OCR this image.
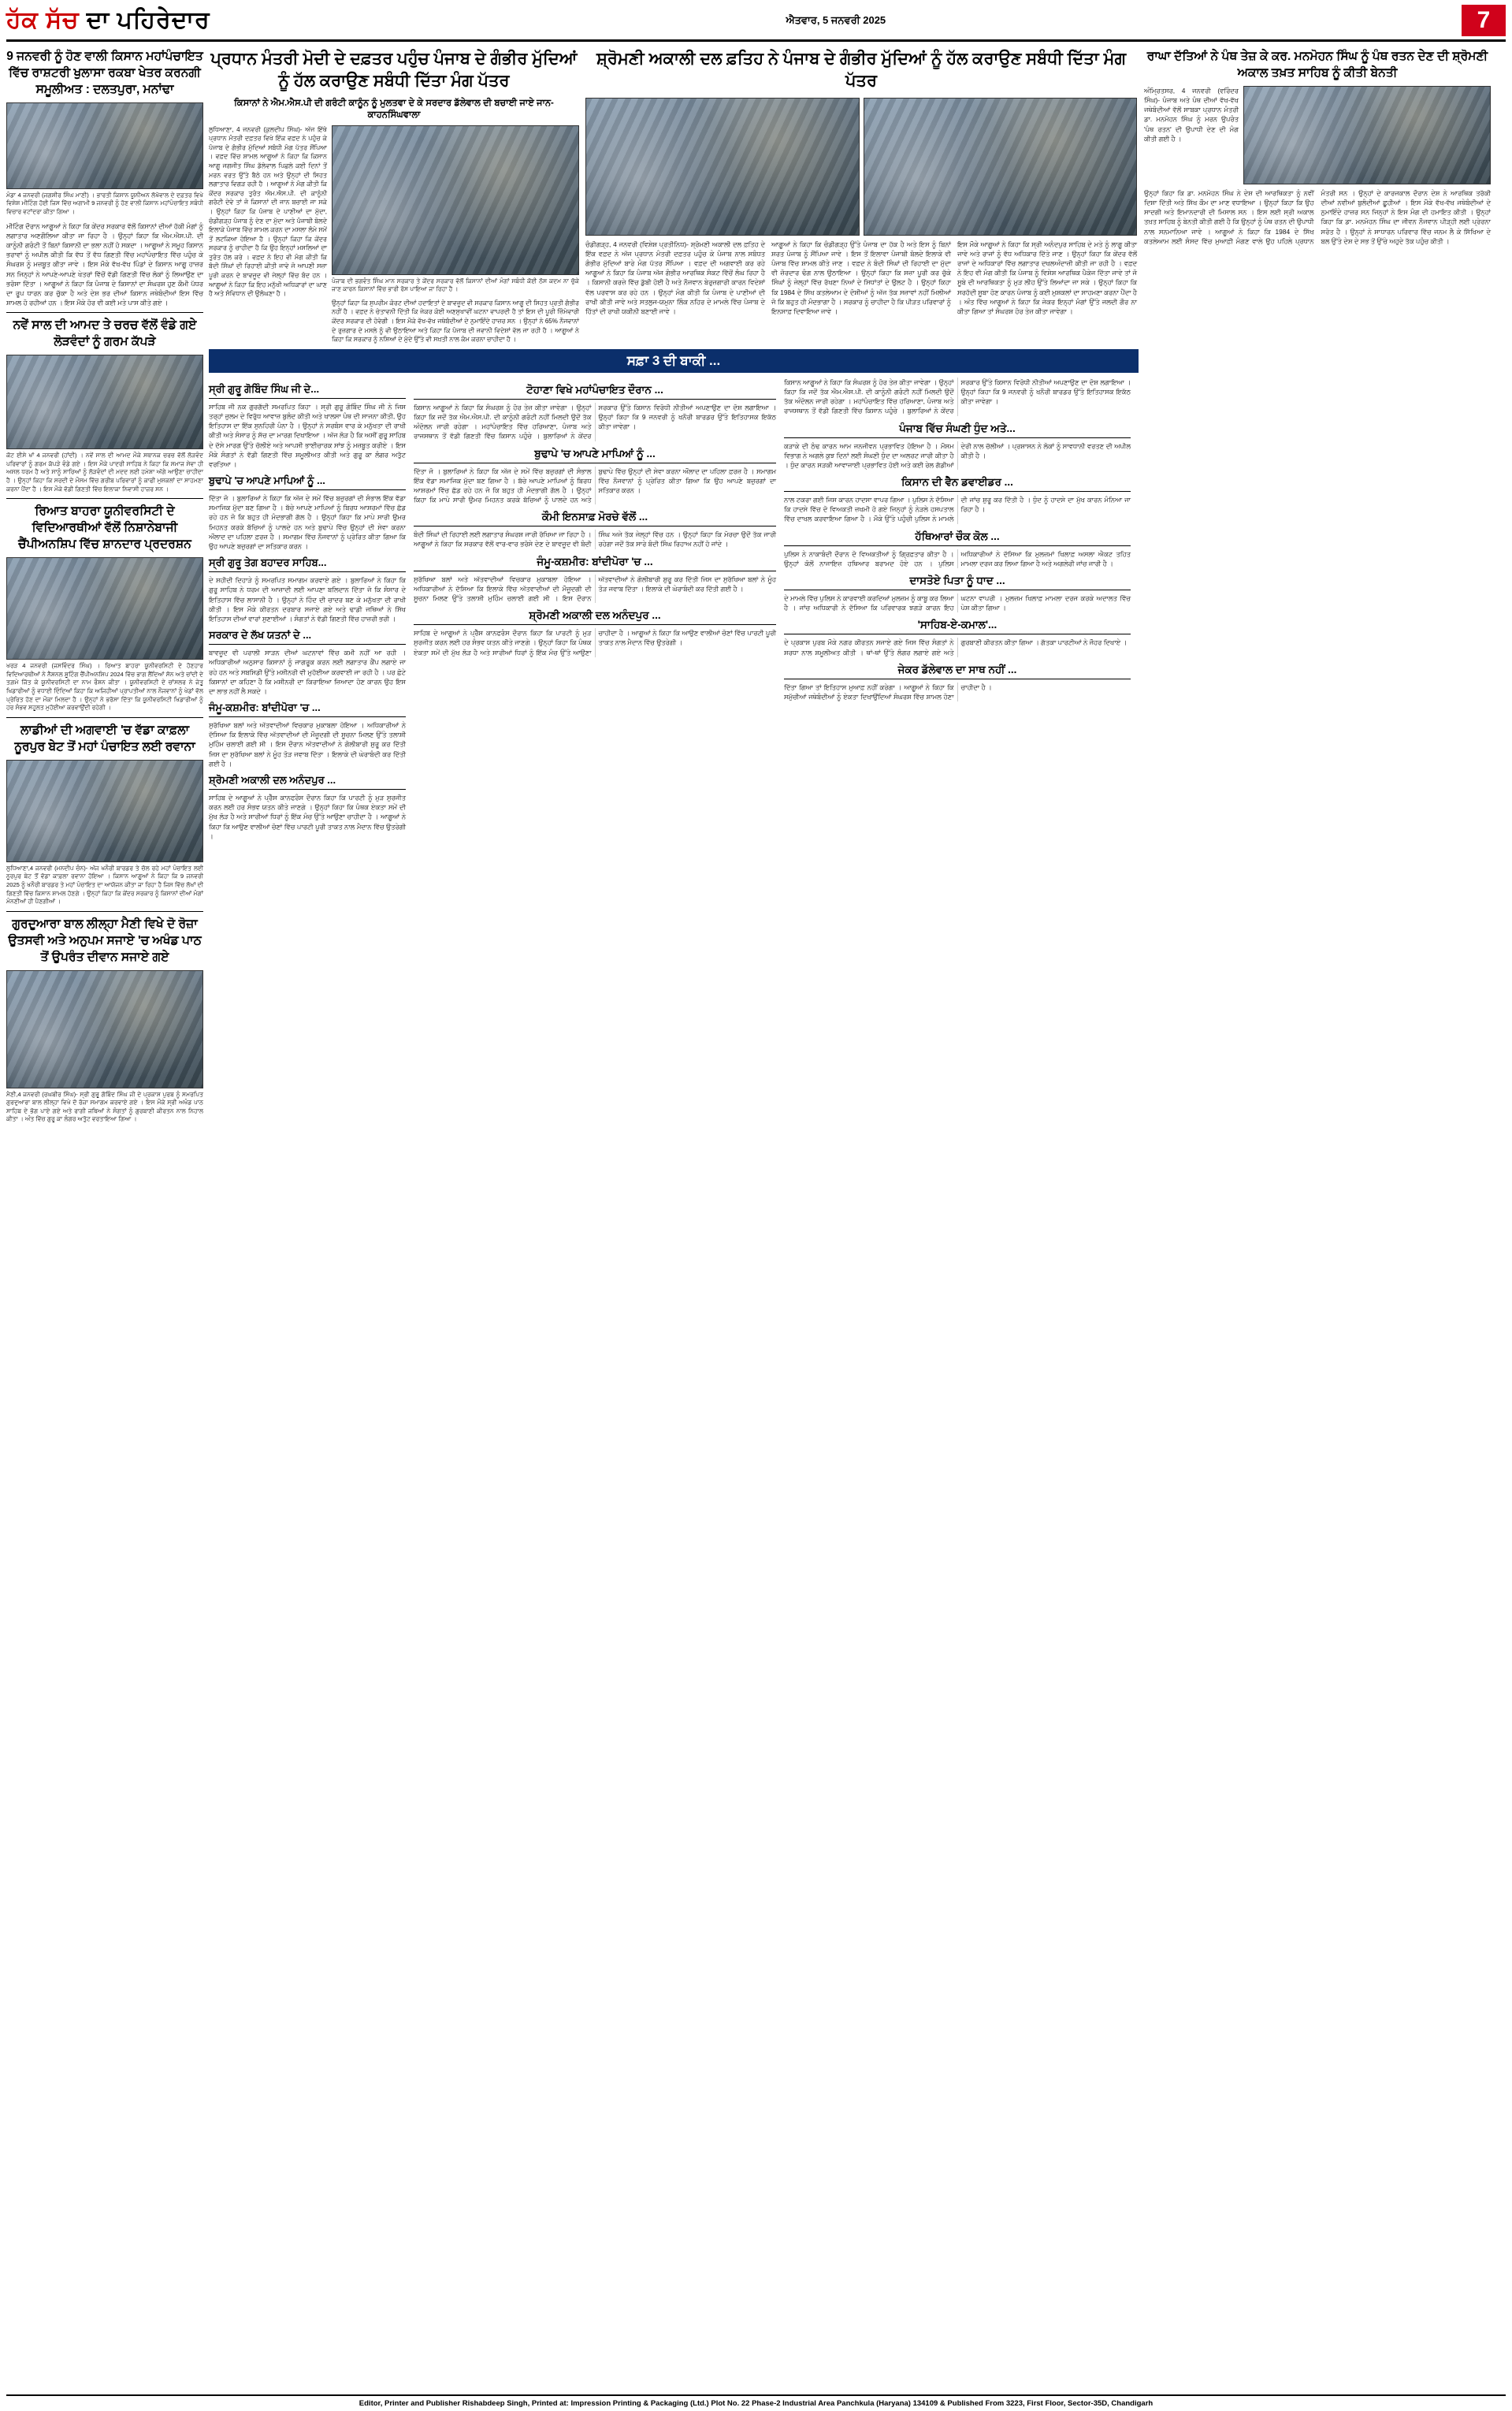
ਹੱਕ ਸੱਚ ਦਾ ਪਹਿਰੇਦਾਰ	ਐਤਵਾਰ, 5 ਜਨਵਰੀ 2025	7
9 ਜਨਵਰੀ ਨੂੰ ਹੋਣ ਵਾਲੀ ਕਿਸਾਨ ਮਹਾਂਪੰਚਾਇਤ ਵਿੱਚ ਰਾਸ਼ਟਰੀ ਖੁਲਾਸਾ ਰਕਬਾ ਖੇਤਰ ਕਰਨਗੀ ਸਮੂਲੀਅਤ : ਦਲਤਪੁਰਾ, ਮਨਾਂਢਾ
ਮੰਡਾ 4 ਜਨਵਰੀ (ਜਗਸ਼ੀਰ ਸਿੰਘ ਮਾਣੀ) । ਭਾਰਤੀ ਕਿਸਾਨ ਯੂਨੀਅਨ ਲੱਖੋਵਾਲ ਦੇ ਦਫ਼ਤਰ ਵਿਖੇ ਵਿਸ਼ੇਸ਼ ਮੀਟਿੰਗ ਹੋਈ ਜਿਸ ਵਿੱਚ ਅਗਾਮੀ 9 ਜਨਵਰੀ ਨੂੰ ਹੋਣ ਵਾਲੀ ਕਿਸਾਨ ਮਹਾਂਪੰਚਾਇਤ ਸਬੰਧੀ ਵਿਚਾਰ ਵਟਾਂਦਰਾ ਕੀਤਾ ਗਿਆ ।
ਮੀਟਿੰਗ ਦੌਰਾਨ ਆਗੂਆਂ ਨੇ ਕਿਹਾ ਕਿ ਕੇਂਦਰ ਸਰਕਾਰ ਵੱਲੋਂ ਕਿਸਾਨਾਂ ਦੀਆਂ ਹੱਕੀ ਮੰਗਾਂ ਨੂੰ ਲਗਾਤਾਰ ਅਣਗੌਲਿਆ ਕੀਤਾ ਜਾ ਰਿਹਾ ਹੈ । ਉਨ੍ਹਾਂ ਕਿਹਾ ਕਿ ਐਮ.ਐਸ.ਪੀ. ਦੀ ਕਾਨੂੰਨੀ ਗਰੰਟੀ ਤੋਂ ਬਿਨਾਂ ਕਿਸਾਨੀ ਦਾ ਭਲਾ ਨਹੀਂ ਹੋ ਸਕਦਾ । ਆਗੂਆਂ ਨੇ ਸਮੂਹ ਕਿਸਾਨ ਭਰਾਵਾਂ ਨੂੰ ਅਪੀਲ ਕੀਤੀ ਕਿ ਵੱਧ ਤੋਂ ਵੱਧ ਗਿਣਤੀ ਵਿੱਚ ਮਹਾਂਪੰਚਾਇਤ ਵਿੱਚ ਪਹੁੰਚ ਕੇ ਸੰਘਰਸ਼ ਨੂੰ ਮਜ਼ਬੂਤ ਕੀਤਾ ਜਾਵੇ । ਇਸ ਮੌਕੇ ਵੱਖ-ਵੱਖ ਪਿੰਡਾਂ ਦੇ ਕਿਸਾਨ ਆਗੂ ਹਾਜ਼ਰ ਸਨ ਜਿਨ੍ਹਾਂ ਨੇ ਆਪਣੇ-ਆਪਣੇ ਖੇਤਰਾਂ ਵਿੱਚੋਂ ਵੱਡੀ ਗਿਣਤੀ ਵਿੱਚ ਲੋਕਾਂ ਨੂੰ ਲਿਆਉਣ ਦਾ ਭਰੋਸਾ ਦਿੱਤਾ । ਆਗੂਆਂ ਨੇ ਕਿਹਾ ਕਿ ਪੰਜਾਬ ਦੇ ਕਿਸਾਨਾਂ ਦਾ ਸੰਘਰਸ਼ ਹੁਣ ਕੌਮੀ ਪੱਧਰ ਦਾ ਰੂਪ ਧਾਰਨ ਕਰ ਚੁੱਕਾ ਹੈ ਅਤੇ ਦੇਸ਼ ਭਰ ਦੀਆਂ ਕਿਸਾਨ ਜਥੇਬੰਦੀਆਂ ਇਸ ਵਿੱਚ ਸ਼ਾਮਲ ਹੋ ਰਹੀਆਂ ਹਨ । ਇਸ ਮੌਕੇ ਹੋਰ ਵੀ ਕਈ ਮਤੇ ਪਾਸ ਕੀਤੇ ਗਏ ।
ਨਵੇਂ ਸਾਲ ਦੀ ਆਮਦ ਤੇ ਚਰਚ ਵੱਲੋਂ ਵੰਡੇ ਗਏ ਲੋੜਵੰਦਾਂ ਨੂੰ ਗਰਮ ਕੱਪੜੇ
ਕੋਟ ਈਸੇ ਖਾਂ 4 ਜਨਵਰੀ (ਹਾਂਦੀ) । ਨਵੇਂ ਸਾਲ ਦੀ ਆਮਦ ਮੌਕੇ ਸਥਾਨਕ ਚਰਚ ਵੱਲੋਂ ਲੋੜਵੰਦ ਪਰਿਵਾਰਾਂ ਨੂੰ ਗਰਮ ਕੱਪੜੇ ਵੰਡੇ ਗਏ । ਇਸ ਮੌਕੇ ਪਾਦਰੀ ਸਾਹਿਬ ਨੇ ਕਿਹਾ ਕਿ ਸਮਾਜ ਸੇਵਾ ਹੀ ਅਸਲ ਧਰਮ ਹੈ ਅਤੇ ਸਾਨੂੰ ਸਾਰਿਆਂ ਨੂੰ ਲੋੜਵੰਦਾਂ ਦੀ ਮਦਦ ਲਈ ਹਮੇਸ਼ਾ ਅੱਗੇ ਆਉਣਾ ਚਾਹੀਦਾ ਹੈ । ਉਨ੍ਹਾਂ ਕਿਹਾ ਕਿ ਸਰਦੀ ਦੇ ਮੌਸਮ ਵਿੱਚ ਗਰੀਬ ਪਰਿਵਾਰਾਂ ਨੂੰ ਕਾਫੀ ਮੁਸ਼ਕਲਾਂ ਦਾ ਸਾਹਮਣਾ ਕਰਨਾ ਪੈਂਦਾ ਹੈ । ਇਸ ਮੌਕੇ ਵੱਡੀ ਗਿਣਤੀ ਵਿੱਚ ਇਲਾਕਾ ਨਿਵਾਸੀ ਹਾਜ਼ਰ ਸਨ ।
ਰਿਆਤ ਬਾਹਰਾ ਯੂਨੀਵਰਸਿਟੀ ਦੇ ਵਿਦਿਆਰਥੀਆਂ ਵੱਲੋਂ ਨਿਸ਼ਾਨੇਬਾਜੀ ਚੈਂਪੀਅਨਸ਼ਿਪ ਵਿੱਚ ਸ਼ਾਨਦਾਰ ਪ੍ਰਦਰਸ਼ਨ
ਖਰੜ 4 ਜਨਵਰੀ (ਜਸਵਿੰਦਰ ਸਿੰਘ) । ਰਿਆਤ ਬਾਹਰਾ ਯੂਨੀਵਰਸਿਟੀ ਦੇ ਹੋਣਹਾਰ ਵਿਦਿਆਰਥੀਆਂ ਨੇ ਨੈਸ਼ਨਲ ਸ਼ੂਟਿੰਗ ਚੈਂਪੀਅਨਸ਼ਿਪ 2024 ਵਿੱਚ ਭਾਗ ਲੈਂਦਿਆਂ ਸੋਨ ਅਤੇ ਚਾਂਦੀ ਦੇ ਤਗ਼ਮੇ ਜਿੱਤ ਕੇ ਯੂਨੀਵਰਸਿਟੀ ਦਾ ਨਾਮ ਰੌਸ਼ਨ ਕੀਤਾ । ਯੂਨੀਵਰਸਿਟੀ ਦੇ ਚਾਂਸਲਰ ਨੇ ਜੇਤੂ ਖਿਡਾਰੀਆਂ ਨੂੰ ਵਧਾਈ ਦਿੰਦਿਆਂ ਕਿਹਾ ਕਿ ਅਜਿਹੀਆਂ ਪ੍ਰਾਪਤੀਆਂ ਨਾਲ ਨੌਜਵਾਨਾਂ ਨੂੰ ਖੇਡਾਂ ਵੱਲ ਪ੍ਰੇਰਿਤ ਹੋਣ ਦਾ ਮੌਕਾ ਮਿਲਦਾ ਹੈ । ਉਨ੍ਹਾਂ ਨੇ ਭਰੋਸਾ ਦਿੱਤਾ ਕਿ ਯੂਨੀਵਰਸਿਟੀ ਖਿਡਾਰੀਆਂ ਨੂੰ ਹਰ ਸੰਭਵ ਸਹੂਲਤ ਮੁਹੱਈਆ ਕਰਵਾਉਂਦੀ ਰਹੇਗੀ ।
ਲਾਡੀਆਂ ਦੀ ਅਗਵਾਈ 'ਚ ਵੱਡਾ ਕਾਫ਼ਲਾ ਨੂਰਪੁਰ ਬੇਟ ਤੋਂ ਮਹਾਂ ਪੰਚਾਇਤ ਲਈ ਰਵਾਨਾ
ਲੁਧਿਆਣਾ,4 ਜਨਵਰੀ (ਮਨਦੀਪ ਚੰਨ)- ਅੱਜ ਖਨੌਰੀ ਬਾਰਡਰ ਤੇ ਚੱਲ ਰਹੇ ਮਹਾਂ ਪੰਚਾਇਤ ਲਈ ਨੂਰਪੁਰ ਬੇਟ ਤੋਂ ਵੱਡਾ ਕਾਫ਼ਲਾ ਰਵਾਨਾ ਹੋਇਆ । ਕਿਸਾਨ ਆਗੂਆਂ ਨੇ ਕਿਹਾ ਕਿ 9 ਜਨਵਰੀ 2025 ਨੂੰ ਖਨੌਰੀ ਬਾਰਡਰ ਤੇ ਮਹਾਂ ਪੰਚਾਇਤ ਦਾ ਆਯੋਜਨ ਕੀਤਾ ਜਾ ਰਿਹਾ ਹੈ ਜਿਸ ਵਿੱਚ ਲੱਖਾਂ ਦੀ ਗਿਣਤੀ ਵਿੱਚ ਕਿਸਾਨ ਸ਼ਾਮਲ ਹੋਣਗੇ । ਉਨ੍ਹਾਂ ਕਿਹਾ ਕਿ ਕੇਂਦਰ ਸਰਕਾਰ ਨੂੰ ਕਿਸਾਨਾਂ ਦੀਆਂ ਮੰਗਾਂ ਮੰਨਣੀਆਂ ਹੀ ਪੈਣਗੀਆਂ ।
ਗੁਰਦੁਆਰਾ ਬਾਲ ਲੀਲ੍ਹਾ ਮੈਣੀ ਵਿਖੇ ਦੋ ਰੋਜ਼ਾ ਉਤਸਵੀ ਅਤੇ ਅਨੁਪਮ ਸਜਾਏ 'ਚ ਅਖੰਡ ਪਾਠ ਤੋਂ ਉਪਰੰਤ ਦੀਵਾਨ ਸਜਾਏ ਗਏ
ਮੈਣੀ,4 ਜਨਵਰੀ (ਰਘਬੀਰ ਸਿੰਘ)- ਸ੍ਰੀ ਗੁਰੂ ਗੋਬਿੰਦ ਸਿੰਘ ਜੀ ਦੇ ਪ੍ਰਕਾਸ਼ ਪੁਰਬ ਨੂੰ ਸਮਰਪਿਤ ਗੁਰਦੁਆਰਾ ਬਾਲ ਲੀਲ੍ਹਾ ਵਿਖੇ ਦੋ ਰੋਜ਼ਾ ਸਮਾਗਮ ਕਰਵਾਏ ਗਏ । ਇਸ ਮੌਕੇ ਸ੍ਰੀ ਅਖੰਡ ਪਾਠ ਸਾਹਿਬ ਦੇ ਭੋਗ ਪਾਏ ਗਏ ਅਤੇ ਰਾਗੀ ਜਥਿਆਂ ਨੇ ਸੰਗਤਾਂ ਨੂੰ ਗੁਰਬਾਣੀ ਕੀਰਤਨ ਨਾਲ ਨਿਹਾਲ ਕੀਤਾ । ਅੰਤ ਵਿੱਚ ਗੁਰੂ ਕਾ ਲੰਗਰ ਅਤੁੱਟ ਵਰਤਾਇਆ ਗਿਆ ।
ਪ੍ਰਧਾਨ ਮੰਤਰੀ ਮੋਦੀ ਦੇ ਦਫ਼ਤਰ ਪਹੁੰਚ ਪੰਜਾਬ ਦੇ ਗੰਭੀਰ ਮੁੱਦਿਆਂ ਨੂੰ ਹੱਲ ਕਰਾਉਣ ਸਬੰਧੀ ਦਿੱਤਾ ਮੰਗ ਪੱਤਰ
ਕਿਸਾਨਾਂ ਨੇ ਐਮ.ਐਸ.ਪੀ ਦੀ ਗਰੰਟੀ ਕਾਨੂੰਨ ਨੂੰ ਮੁਲਤਵਾ ਦੇ ਕੇ ਸਰਦਾਰ ਡੱਲੇਵਾਲ ਦੀ ਬਚਾਈ ਜਾਏ ਜਾਨ-ਕਾਹਨਸਿੰਘਵਾਲਾ
ਲੁਧਿਆਣਾ, 4 ਜਨਵਰੀ (ਕੁਲਦੀਪ ਸਿੰਘ)- ਅੱਜ ਇੱਥੇ ਪ੍ਰਧਾਨ ਮੰਤਰੀ ਦਫ਼ਤਰ ਵਿਖੇ ਇੱਕ ਵਫ਼ਦ ਨੇ ਪਹੁੰਚ ਕੇ ਪੰਜਾਬ ਦੇ ਗੰਭੀਰ ਮੁੱਦਿਆਂ ਸਬੰਧੀ ਮੰਗ ਪੱਤਰ ਸੌਂਪਿਆ । ਵਫ਼ਦ ਵਿੱਚ ਸ਼ਾਮਲ ਆਗੂਆਂ ਨੇ ਕਿਹਾ ਕਿ ਕਿਸਾਨ ਆਗੂ ਜਗਜੀਤ ਸਿੰਘ ਡੱਲੇਵਾਲ ਪਿਛਲੇ ਕਈ ਦਿਨਾਂ ਤੋਂ ਮਰਨ ਵਰਤ ਉੱਤੇ ਬੈਠੇ ਹਨ ਅਤੇ ਉਨ੍ਹਾਂ ਦੀ ਸਿਹਤ ਲਗਾਤਾਰ ਵਿਗੜ ਰਹੀ ਹੈ । ਆਗੂਆਂ ਨੇ ਮੰਗ ਕੀਤੀ ਕਿ ਕੇਂਦਰ ਸਰਕਾਰ ਤੁਰੰਤ ਐਮ.ਐਸ.ਪੀ. ਦੀ ਕਾਨੂੰਨੀ ਗਰੰਟੀ ਦੇਵੇ ਤਾਂ ਜੋ ਕਿਸਾਨਾਂ ਦੀ ਜਾਨ ਬਚਾਈ ਜਾ ਸਕੇ । ਉਨ੍ਹਾਂ ਕਿਹਾ ਕਿ ਪੰਜਾਬ ਦੇ ਪਾਣੀਆਂ ਦਾ ਮੁੱਦਾ, ਚੰਡੀਗੜ੍ਹ ਪੰਜਾਬ ਨੂੰ ਦੇਣ ਦਾ ਮੁੱਦਾ ਅਤੇ ਪੰਜਾਬੀ ਬੋਲਦੇ ਇਲਾਕੇ ਪੰਜਾਬ ਵਿੱਚ ਸ਼ਾਮਲ ਕਰਨ ਦਾ ਮਸਲਾ ਲੰਮੇ ਸਮੇਂ ਤੋਂ ਲਟਕਿਆ ਹੋਇਆ ਹੈ । ਉਨ੍ਹਾਂ ਕਿਹਾ ਕਿ ਕੇਂਦਰ ਸਰਕਾਰ ਨੂੰ ਚਾਹੀਦਾ ਹੈ ਕਿ ਉਹ ਇਨ੍ਹਾਂ ਮਸਲਿਆਂ ਦਾ ਤੁਰੰਤ ਹੱਲ ਕਰੇ । ਵਫ਼ਦ ਨੇ ਇਹ ਵੀ ਮੰਗ ਕੀਤੀ ਕਿ ਬੰਦੀ ਸਿੰਘਾਂ ਦੀ ਰਿਹਾਈ ਕੀਤੀ ਜਾਵੇ ਜੋ ਆਪਣੀ ਸਜ਼ਾ ਪੂਰੀ ਕਰਨ ਦੇ ਬਾਵਜੂਦ ਵੀ ਜੇਲ੍ਹਾਂ ਵਿੱਚ ਬੰਦ ਹਨ । ਆਗੂਆਂ ਨੇ ਕਿਹਾ ਕਿ ਇਹ ਮਨੁੱਖੀ ਅਧਿਕਾਰਾਂ ਦਾ ਘਾਣ ਹੈ ਅਤੇ ਸੰਵਿਧਾਨ ਦੀ ਉਲੰਘਣਾ ਹੈ ।
ਪੰਜਾਬ ਦੀ ਭਗਵੰਤ ਸਿੰਘ ਮਾਨ ਸਰਕਾਰ ਤੇ ਕੇਂਦਰ ਸਰਕਾਰ ਵੱਲੋਂ ਕਿਸਾਨਾਂ ਦੀਆਂ ਮੰਗਾਂ ਸਬੰਧੀ ਕੋਈ ਠੋਸ ਕਦਮ ਨਾ ਚੁੱਕੇ ਜਾਣ ਕਾਰਨ ਕਿਸਾਨਾਂ ਵਿੱਚ ਭਾਰੀ ਰੋਸ ਪਾਇਆ ਜਾ ਰਿਹਾ ਹੈ ।
ਉਨ੍ਹਾਂ ਕਿਹਾ ਕਿ ਸੁਪਰੀਮ ਕੋਰਟ ਦੀਆਂ ਹਦਾਇਤਾਂ ਦੇ ਬਾਵਜੂਦ ਵੀ ਸਰਕਾਰ ਕਿਸਾਨ ਆਗੂ ਦੀ ਸਿਹਤ ਪ੍ਰਤੀ ਗੰਭੀਰ ਨਹੀਂ ਹੈ । ਵਫ਼ਦ ਨੇ ਚੇਤਾਵਨੀ ਦਿੱਤੀ ਕਿ ਜੇਕਰ ਕੋਈ ਅਣਸੁਖਾਵੀਂ ਘਟਨਾ ਵਾਪਰਦੀ ਹੈ ਤਾਂ ਇਸ ਦੀ ਪੂਰੀ ਜ਼ਿੰਮੇਵਾਰੀ ਕੇਂਦਰ ਸਰਕਾਰ ਦੀ ਹੋਵੇਗੀ । ਇਸ ਮੌਕੇ ਵੱਖ-ਵੱਖ ਜਥੇਬੰਦੀਆਂ ਦੇ ਨੁਮਾਇੰਦੇ ਹਾਜ਼ਰ ਸਨ । ਉਨ੍ਹਾਂ ਨੇ 65% ਨੌਜਵਾਨਾਂ ਦੇ ਰੁਜ਼ਗਾਰ ਦੇ ਮਸਲੇ ਨੂੰ ਵੀ ਉਠਾਇਆ ਅਤੇ ਕਿਹਾ ਕਿ ਪੰਜਾਬ ਦੀ ਜਵਾਨੀ ਵਿਦੇਸ਼ਾਂ ਵੱਲ ਜਾ ਰਹੀ ਹੈ । ਆਗੂਆਂ ਨੇ ਕਿਹਾ ਕਿ ਸਰਕਾਰ ਨੂੰ ਨਸ਼ਿਆਂ ਦੇ ਮੁੱਦੇ ਉੱਤੇ ਵੀ ਸਖ਼ਤੀ ਨਾਲ ਕੰਮ ਕਰਨਾ ਚਾਹੀਦਾ ਹੈ ।
ਸ਼੍ਰੋਮਣੀ ਅਕਾਲੀ ਦਲ ਫ਼ਤਿਹ ਨੇ ਪੰਜਾਬ ਦੇ ਗੰਭੀਰ ਮੁੱਦਿਆਂ ਨੂੰ ਹੱਲ ਕਰਾਉਣ ਸਬੰਧੀ ਦਿੱਤਾ ਮੰਗ ਪੱਤਰ
ਚੰਡੀਗੜ੍ਹ, 4 ਜਨਵਰੀ (ਵਿਸ਼ੇਸ਼ ਪ੍ਰਤੀਨਿਧ)- ਸ਼੍ਰੋਮਣੀ ਅਕਾਲੀ ਦਲ ਫ਼ਤਿਹ ਦੇ ਇੱਕ ਵਫ਼ਦ ਨੇ ਅੱਜ ਪ੍ਰਧਾਨ ਮੰਤਰੀ ਦਫ਼ਤਰ ਪਹੁੰਚ ਕੇ ਪੰਜਾਬ ਨਾਲ ਸਬੰਧਤ ਗੰਭੀਰ ਮੁੱਦਿਆਂ ਬਾਰੇ ਮੰਗ ਪੱਤਰ ਸੌਂਪਿਆ । ਵਫ਼ਦ ਦੀ ਅਗਵਾਈ ਕਰ ਰਹੇ ਆਗੂਆਂ ਨੇ ਕਿਹਾ ਕਿ ਪੰਜਾਬ ਅੱਜ ਗੰਭੀਰ ਆਰਥਿਕ ਸੰਕਟ ਵਿੱਚੋਂ ਲੰਘ ਰਿਹਾ ਹੈ । ਕਿਸਾਨੀ ਕਰਜ਼ੇ ਵਿੱਚ ਡੁੱਬੀ ਹੋਈ ਹੈ ਅਤੇ ਨੌਜਵਾਨ ਬੇਰੁਜ਼ਗਾਰੀ ਕਾਰਨ ਵਿਦੇਸ਼ਾਂ ਵੱਲ ਪਰਵਾਸ ਕਰ ਰਹੇ ਹਨ । ਉਨ੍ਹਾਂ ਮੰਗ ਕੀਤੀ ਕਿ ਪੰਜਾਬ ਦੇ ਪਾਣੀਆਂ ਦੀ ਰਾਖੀ ਕੀਤੀ ਜਾਵੇ ਅਤੇ ਸਤਲੁਜ-ਯਮੁਨਾ ਲਿੰਕ ਨਹਿਰ ਦੇ ਮਾਮਲੇ ਵਿੱਚ ਪੰਜਾਬ ਦੇ ਹਿੱਤਾਂ ਦੀ ਰਾਖੀ ਯਕੀਨੀ ਬਣਾਈ ਜਾਵੇ ।
ਆਗੂਆਂ ਨੇ ਕਿਹਾ ਕਿ ਚੰਡੀਗੜ੍ਹ ਉੱਤੇ ਪੰਜਾਬ ਦਾ ਹੱਕ ਹੈ ਅਤੇ ਇਸ ਨੂੰ ਬਿਨਾਂ ਸ਼ਰਤ ਪੰਜਾਬ ਨੂੰ ਸੌਂਪਿਆ ਜਾਵੇ । ਇਸ ਤੋਂ ਇਲਾਵਾ ਪੰਜਾਬੀ ਬੋਲਦੇ ਇਲਾਕੇ ਵੀ ਪੰਜਾਬ ਵਿੱਚ ਸ਼ਾਮਲ ਕੀਤੇ ਜਾਣ । ਵਫ਼ਦ ਨੇ ਬੰਦੀ ਸਿੰਘਾਂ ਦੀ ਰਿਹਾਈ ਦਾ ਮੁੱਦਾ ਵੀ ਜ਼ੋਰਦਾਰ ਢੰਗ ਨਾਲ ਉਠਾਇਆ । ਉਨ੍ਹਾਂ ਕਿਹਾ ਕਿ ਸਜ਼ਾ ਪੂਰੀ ਕਰ ਚੁੱਕੇ ਸਿੰਘਾਂ ਨੂੰ ਜੇਲ੍ਹਾਂ ਵਿੱਚ ਰੱਖਣਾ ਨਿਆਂ ਦੇ ਸਿਧਾਂਤਾਂ ਦੇ ਉਲਟ ਹੈ । ਉਨ੍ਹਾਂ ਕਿਹਾ ਕਿ 1984 ਦੇ ਸਿੱਖ ਕਤਲੇਆਮ ਦੇ ਦੋਸ਼ੀਆਂ ਨੂੰ ਅੱਜ ਤੱਕ ਸਜ਼ਾਵਾਂ ਨਹੀਂ ਮਿਲੀਆਂ ਜੋ ਕਿ ਬਹੁਤ ਹੀ ਮੰਦਭਾਗਾ ਹੈ । ਸਰਕਾਰ ਨੂੰ ਚਾਹੀਦਾ ਹੈ ਕਿ ਪੀੜਤ ਪਰਿਵਾਰਾਂ ਨੂੰ ਇਨਸਾਫ਼ ਦਿਵਾਇਆ ਜਾਵੇ ।
ਇਸ ਮੌਕੇ ਆਗੂਆਂ ਨੇ ਕਿਹਾ ਕਿ ਸ੍ਰੀ ਅਨੰਦਪੁਰ ਸਾਹਿਬ ਦੇ ਮਤੇ ਨੂੰ ਲਾਗੂ ਕੀਤਾ ਜਾਵੇ ਅਤੇ ਰਾਜਾਂ ਨੂੰ ਵੱਧ ਅਧਿਕਾਰ ਦਿੱਤੇ ਜਾਣ । ਉਨ੍ਹਾਂ ਕਿਹਾ ਕਿ ਕੇਂਦਰ ਵੱਲੋਂ ਰਾਜਾਂ ਦੇ ਅਧਿਕਾਰਾਂ ਵਿੱਚ ਲਗਾਤਾਰ ਦਖਲਅੰਦਾਜ਼ੀ ਕੀਤੀ ਜਾ ਰਹੀ ਹੈ । ਵਫ਼ਦ ਨੇ ਇਹ ਵੀ ਮੰਗ ਕੀਤੀ ਕਿ ਪੰਜਾਬ ਨੂੰ ਵਿਸ਼ੇਸ਼ ਆਰਥਿਕ ਪੈਕੇਜ ਦਿੱਤਾ ਜਾਵੇ ਤਾਂ ਜੋ ਸੂਬੇ ਦੀ ਆਰਥਿਕਤਾ ਨੂੰ ਮੁੜ ਲੀਹ ਉੱਤੇ ਲਿਆਂਦਾ ਜਾ ਸਕੇ । ਉਨ੍ਹਾਂ ਕਿਹਾ ਕਿ ਸਰਹੱਦੀ ਸੂਬਾ ਹੋਣ ਕਾਰਨ ਪੰਜਾਬ ਨੂੰ ਕਈ ਮੁਸ਼ਕਲਾਂ ਦਾ ਸਾਹਮਣਾ ਕਰਨਾ ਪੈਂਦਾ ਹੈ । ਅੰਤ ਵਿੱਚ ਆਗੂਆਂ ਨੇ ਕਿਹਾ ਕਿ ਜੇਕਰ ਇਨ੍ਹਾਂ ਮੰਗਾਂ ਉੱਤੇ ਜਲਦੀ ਗੌਰ ਨਾ ਕੀਤਾ ਗਿਆ ਤਾਂ ਸੰਘਰਸ਼ ਹੋਰ ਤੇਜ਼ ਕੀਤਾ ਜਾਵੇਗਾ ।
ਸਫ਼ਾ 3 ਦੀ ਬਾਕੀ ...
ਸ੍ਰੀ ਗੁਰੂ ਗੋਬਿੰਦ ਸਿੰਘ ਜੀ ਦੇ...
ਸਾਹਿਬ ਜੀ ਨਕ ਗੁਰਗੱਦੀ ਸਮਰਪਿਤ ਕਿਹਾ । ਸ੍ਰੀ ਗੁਰੂ ਗੋਬਿੰਦ ਸਿੰਘ ਜੀ ਨੇ ਜਿਸ ਤਰ੍ਹਾਂ ਜ਼ੁਲਮ ਦੇ ਵਿਰੁੱਧ ਆਵਾਜ਼ ਬੁਲੰਦ ਕੀਤੀ ਅਤੇ ਖਾਲਸਾ ਪੰਥ ਦੀ ਸਾਜਨਾ ਕੀਤੀ, ਉਹ ਇਤਿਹਾਸ ਦਾ ਇੱਕ ਸੁਨਹਿਰੀ ਪੰਨਾ ਹੈ । ਉਨ੍ਹਾਂ ਨੇ ਸਰਬੰਸ ਵਾਰ ਕੇ ਮਨੁੱਖਤਾ ਦੀ ਰਾਖੀ ਕੀਤੀ ਅਤੇ ਸੰਸਾਰ ਨੂੰ ਸੱਚ ਦਾ ਮਾਰਗ ਦਿਖਾਇਆ । ਅੱਜ ਲੋੜ ਹੈ ਕਿ ਅਸੀਂ ਗੁਰੂ ਸਾਹਿਬ ਦੇ ਦੱਸੇ ਮਾਰਗ ਉੱਤੇ ਚੱਲੀਏ ਅਤੇ ਆਪਸੀ ਭਾਈਚਾਰਕ ਸਾਂਝ ਨੂੰ ਮਜ਼ਬੂਤ ਕਰੀਏ । ਇਸ ਮੌਕੇ ਸੰਗਤਾਂ ਨੇ ਵੱਡੀ ਗਿਣਤੀ ਵਿੱਚ ਸ਼ਮੂਲੀਅਤ ਕੀਤੀ ਅਤੇ ਗੁਰੂ ਕਾ ਲੰਗਰ ਅਤੁੱਟ ਵਰਤਿਆ ।
ਬੁਢਾਪੇ 'ਚ ਆਪਣੇ ਮਾਪਿਆਂ ਨੂੰ ...
ਦਿੱਤਾ ਜੋ । ਬੁਲਾਰਿਆਂ ਨੇ ਕਿਹਾ ਕਿ ਅੱਜ ਦੇ ਸਮੇਂ ਵਿੱਚ ਬਜ਼ੁਰਗਾਂ ਦੀ ਸੰਭਾਲ ਇੱਕ ਵੱਡਾ ਸਮਾਜਿਕ ਮੁੱਦਾ ਬਣ ਗਿਆ ਹੈ । ਬੱਚੇ ਆਪਣੇ ਮਾਪਿਆਂ ਨੂੰ ਬਿਰਧ ਆਸ਼ਰਮਾਂ ਵਿੱਚ ਛੱਡ ਰਹੇ ਹਨ ਜੋ ਕਿ ਬਹੁਤ ਹੀ ਮੰਦਭਾਗੀ ਗੱਲ ਹੈ । ਉਨ੍ਹਾਂ ਕਿਹਾ ਕਿ ਮਾਪੇ ਸਾਰੀ ਉਮਰ ਮਿਹਨਤ ਕਰਕੇ ਬੱਚਿਆਂ ਨੂੰ ਪਾਲਦੇ ਹਨ ਅਤੇ ਬੁਢਾਪੇ ਵਿੱਚ ਉਨ੍ਹਾਂ ਦੀ ਸੇਵਾ ਕਰਨਾ ਔਲਾਦ ਦਾ ਪਹਿਲਾ ਫ਼ਰਜ਼ ਹੈ । ਸਮਾਗਮ ਵਿੱਚ ਨੌਜਵਾਨਾਂ ਨੂੰ ਪ੍ਰੇਰਿਤ ਕੀਤਾ ਗਿਆ ਕਿ ਉਹ ਆਪਣੇ ਬਜ਼ੁਰਗਾਂ ਦਾ ਸਤਿਕਾਰ ਕਰਨ ।
ਸ੍ਰੀ ਗੁਰੂ ਤੇਗ ਬਹਾਦਰ ਸਾਹਿਬ...
ਦੇ ਸ਼ਹੀਦੀ ਦਿਹਾੜੇ ਨੂੰ ਸਮਰਪਿਤ ਸਮਾਗਮ ਕਰਵਾਏ ਗਏ । ਬੁਲਾਰਿਆਂ ਨੇ ਕਿਹਾ ਕਿ ਗੁਰੂ ਸਾਹਿਬ ਨੇ ਧਰਮ ਦੀ ਆਜ਼ਾਦੀ ਲਈ ਆਪਣਾ ਬਲਿਦਾਨ ਦਿੱਤਾ ਜੋ ਕਿ ਸੰਸਾਰ ਦੇ ਇਤਿਹਾਸ ਵਿੱਚ ਲਾਸਾਨੀ ਹੈ । ਉਨ੍ਹਾਂ ਨੇ ਹਿੰਦ ਦੀ ਚਾਦਰ ਬਣ ਕੇ ਮਨੁੱਖਤਾ ਦੀ ਰਾਖੀ ਕੀਤੀ । ਇਸ ਮੌਕੇ ਕੀਰਤਨ ਦਰਬਾਰ ਸਜਾਏ ਗਏ ਅਤੇ ਢਾਡੀ ਜਥਿਆਂ ਨੇ ਸਿੱਖ ਇਤਿਹਾਸ ਦੀਆਂ ਵਾਰਾਂ ਸੁਣਾਈਆਂ । ਸੰਗਤਾਂ ਨੇ ਵੱਡੀ ਗਿਣਤੀ ਵਿੱਚ ਹਾਜ਼ਰੀ ਭਰੀ ।
ਸਰਕਾਰ ਦੇ ਲੱਖ ਯਤਨਾਂ ਦੇ ...
ਬਾਵਜੂਦ ਵੀ ਪਰਾਲੀ ਸਾੜਨ ਦੀਆਂ ਘਟਨਾਵਾਂ ਵਿੱਚ ਕਮੀ ਨਹੀਂ ਆ ਰਹੀ । ਅਧਿਕਾਰੀਆਂ ਅਨੁਸਾਰ ਕਿਸਾਨਾਂ ਨੂੰ ਜਾਗਰੂਕ ਕਰਨ ਲਈ ਲਗਾਤਾਰ ਕੈਂਪ ਲਗਾਏ ਜਾ ਰਹੇ ਹਨ ਅਤੇ ਸਬਸਿਡੀ ਉੱਤੇ ਮਸ਼ੀਨਰੀ ਵੀ ਮੁਹੱਈਆ ਕਰਵਾਈ ਜਾ ਰਹੀ ਹੈ । ਪਰ ਛੋਟੇ ਕਿਸਾਨਾਂ ਦਾ ਕਹਿਣਾ ਹੈ ਕਿ ਮਸ਼ੀਨਰੀ ਦਾ ਕਿਰਾਇਆ ਜ਼ਿਆਦਾ ਹੋਣ ਕਾਰਨ ਉਹ ਇਸ ਦਾ ਲਾਭ ਨਹੀਂ ਲੈ ਸਕਦੇ ।
ਜੰਮੂ-ਕਸ਼ਮੀਰ: ਬਾਂਦੀਪੋਰਾ 'ਚ ...
ਸੁਰੱਖਿਆ ਬਲਾਂ ਅਤੇ ਅੱਤਵਾਦੀਆਂ ਵਿਚਕਾਰ ਮੁਕਾਬਲਾ ਹੋਇਆ । ਅਧਿਕਾਰੀਆਂ ਨੇ ਦੱਸਿਆ ਕਿ ਇਲਾਕੇ ਵਿੱਚ ਅੱਤਵਾਦੀਆਂ ਦੀ ਮੌਜੂਦਗੀ ਦੀ ਸੂਚਨਾ ਮਿਲਣ ਉੱਤੇ ਤਲਾਸ਼ੀ ਮੁਹਿੰਮ ਚਲਾਈ ਗਈ ਸੀ । ਇਸ ਦੌਰਾਨ ਅੱਤਵਾਦੀਆਂ ਨੇ ਗੋਲੀਬਾਰੀ ਸ਼ੁਰੂ ਕਰ ਦਿੱਤੀ ਜਿਸ ਦਾ ਸੁਰੱਖਿਆ ਬਲਾਂ ਨੇ ਮੂੰਹ ਤੋੜ ਜਵਾਬ ਦਿੱਤਾ । ਇਲਾਕੇ ਦੀ ਘੇਰਾਬੰਦੀ ਕਰ ਦਿੱਤੀ ਗਈ ਹੈ ।
ਸ਼੍ਰੋਮਣੀ ਅਕਾਲੀ ਦਲ ਅਨੰਦਪੁਰ ...
ਸਾਹਿਬ ਦੇ ਆਗੂਆਂ ਨੇ ਪ੍ਰੈੱਸ ਕਾਨਫਰੰਸ ਦੌਰਾਨ ਕਿਹਾ ਕਿ ਪਾਰਟੀ ਨੂੰ ਮੁੜ ਸੁਰਜੀਤ ਕਰਨ ਲਈ ਹਰ ਸੰਭਵ ਯਤਨ ਕੀਤੇ ਜਾਣਗੇ । ਉਨ੍ਹਾਂ ਕਿਹਾ ਕਿ ਪੰਥਕ ਏਕਤਾ ਸਮੇਂ ਦੀ ਮੁੱਖ ਲੋੜ ਹੈ ਅਤੇ ਸਾਰੀਆਂ ਧਿਰਾਂ ਨੂੰ ਇੱਕ ਮੰਚ ਉੱਤੇ ਆਉਣਾ ਚਾਹੀਦਾ ਹੈ । ਆਗੂਆਂ ਨੇ ਕਿਹਾ ਕਿ ਆਉਣ ਵਾਲੀਆਂ ਚੋਣਾਂ ਵਿੱਚ ਪਾਰਟੀ ਪੂਰੀ ਤਾਕਤ ਨਾਲ ਮੈਦਾਨ ਵਿੱਚ ਉਤਰੇਗੀ ।
ਟੋਹਾਣਾ ਵਿਖੇ ਮਹਾਂਪੰਚਾਇਤ ਦੌਰਾਨ ...
ਕਿਸਾਨ ਆਗੂਆਂ ਨੇ ਕਿਹਾ ਕਿ ਸੰਘਰਸ਼ ਨੂੰ ਹੋਰ ਤੇਜ਼ ਕੀਤਾ ਜਾਵੇਗਾ । ਉਨ੍ਹਾਂ ਕਿਹਾ ਕਿ ਜਦੋਂ ਤੱਕ ਐਮ.ਐਸ.ਪੀ. ਦੀ ਕਾਨੂੰਨੀ ਗਰੰਟੀ ਨਹੀਂ ਮਿਲਦੀ ਉਦੋਂ ਤੱਕ ਅੰਦੋਲਨ ਜਾਰੀ ਰਹੇਗਾ । ਮਹਾਂਪੰਚਾਇਤ ਵਿੱਚ ਹਰਿਆਣਾ, ਪੰਜਾਬ ਅਤੇ ਰਾਜਸਥਾਨ ਤੋਂ ਵੱਡੀ ਗਿਣਤੀ ਵਿੱਚ ਕਿਸਾਨ ਪਹੁੰਚੇ । ਬੁਲਾਰਿਆਂ ਨੇ ਕੇਂਦਰ ਸਰਕਾਰ ਉੱਤੇ ਕਿਸਾਨ ਵਿਰੋਧੀ ਨੀਤੀਆਂ ਅਪਣਾਉਣ ਦਾ ਦੋਸ਼ ਲਗਾਇਆ । ਉਨ੍ਹਾਂ ਕਿਹਾ ਕਿ 9 ਜਨਵਰੀ ਨੂੰ ਖਨੌਰੀ ਬਾਰਡਰ ਉੱਤੇ ਇਤਿਹਾਸਕ ਇਕੱਠ ਕੀਤਾ ਜਾਵੇਗਾ ।
ਬੁਢਾਪੇ 'ਚ ਆਪਣੇ ਮਾਪਿਆਂ ਨੂੰ ...
ਦਿੱਤਾ ਜੋ । ਬੁਲਾਰਿਆਂ ਨੇ ਕਿਹਾ ਕਿ ਅੱਜ ਦੇ ਸਮੇਂ ਵਿੱਚ ਬਜ਼ੁਰਗਾਂ ਦੀ ਸੰਭਾਲ ਇੱਕ ਵੱਡਾ ਸਮਾਜਿਕ ਮੁੱਦਾ ਬਣ ਗਿਆ ਹੈ । ਬੱਚੇ ਆਪਣੇ ਮਾਪਿਆਂ ਨੂੰ ਬਿਰਧ ਆਸ਼ਰਮਾਂ ਵਿੱਚ ਛੱਡ ਰਹੇ ਹਨ ਜੋ ਕਿ ਬਹੁਤ ਹੀ ਮੰਦਭਾਗੀ ਗੱਲ ਹੈ । ਉਨ੍ਹਾਂ ਕਿਹਾ ਕਿ ਮਾਪੇ ਸਾਰੀ ਉਮਰ ਮਿਹਨਤ ਕਰਕੇ ਬੱਚਿਆਂ ਨੂੰ ਪਾਲਦੇ ਹਨ ਅਤੇ ਬੁਢਾਪੇ ਵਿੱਚ ਉਨ੍ਹਾਂ ਦੀ ਸੇਵਾ ਕਰਨਾ ਔਲਾਦ ਦਾ ਪਹਿਲਾ ਫ਼ਰਜ਼ ਹੈ । ਸਮਾਗਮ ਵਿੱਚ ਨੌਜਵਾਨਾਂ ਨੂੰ ਪ੍ਰੇਰਿਤ ਕੀਤਾ ਗਿਆ ਕਿ ਉਹ ਆਪਣੇ ਬਜ਼ੁਰਗਾਂ ਦਾ ਸਤਿਕਾਰ ਕਰਨ ।
ਕੌਮੀ ਇਨਸਾਫ਼ ਮੋਰਚੇ ਵੱਲੋਂ ...
ਬੰਦੀ ਸਿੰਘਾਂ ਦੀ ਰਿਹਾਈ ਲਈ ਲਗਾਤਾਰ ਸੰਘਰਸ਼ ਜਾਰੀ ਰੱਖਿਆ ਜਾ ਰਿਹਾ ਹੈ । ਆਗੂਆਂ ਨੇ ਕਿਹਾ ਕਿ ਸਰਕਾਰ ਵੱਲੋਂ ਵਾਰ-ਵਾਰ ਭਰੋਸੇ ਦੇਣ ਦੇ ਬਾਵਜੂਦ ਵੀ ਬੰਦੀ ਸਿੰਘ ਅਜੇ ਤੱਕ ਜੇਲ੍ਹਾਂ ਵਿੱਚ ਹਨ । ਉਨ੍ਹਾਂ ਕਿਹਾ ਕਿ ਮੋਰਚਾ ਉਦੋਂ ਤੱਕ ਜਾਰੀ ਰਹੇਗਾ ਜਦੋਂ ਤੱਕ ਸਾਰੇ ਬੰਦੀ ਸਿੰਘ ਰਿਹਾਅ ਨਹੀਂ ਹੋ ਜਾਂਦੇ ।
ਜੰਮੂ-ਕਸ਼ਮੀਰ: ਬਾਂਦੀਪੋਰਾ 'ਚ ...
ਸੁਰੱਖਿਆ ਬਲਾਂ ਅਤੇ ਅੱਤਵਾਦੀਆਂ ਵਿਚਕਾਰ ਮੁਕਾਬਲਾ ਹੋਇਆ । ਅਧਿਕਾਰੀਆਂ ਨੇ ਦੱਸਿਆ ਕਿ ਇਲਾਕੇ ਵਿੱਚ ਅੱਤਵਾਦੀਆਂ ਦੀ ਮੌਜੂਦਗੀ ਦੀ ਸੂਚਨਾ ਮਿਲਣ ਉੱਤੇ ਤਲਾਸ਼ੀ ਮੁਹਿੰਮ ਚਲਾਈ ਗਈ ਸੀ । ਇਸ ਦੌਰਾਨ ਅੱਤਵਾਦੀਆਂ ਨੇ ਗੋਲੀਬਾਰੀ ਸ਼ੁਰੂ ਕਰ ਦਿੱਤੀ ਜਿਸ ਦਾ ਸੁਰੱਖਿਆ ਬਲਾਂ ਨੇ ਮੂੰਹ ਤੋੜ ਜਵਾਬ ਦਿੱਤਾ । ਇਲਾਕੇ ਦੀ ਘੇਰਾਬੰਦੀ ਕਰ ਦਿੱਤੀ ਗਈ ਹੈ ।
ਸ਼੍ਰੋਮਣੀ ਅਕਾਲੀ ਦਲ ਅਨੰਦਪੁਰ ...
ਸਾਹਿਬ ਦੇ ਆਗੂਆਂ ਨੇ ਪ੍ਰੈੱਸ ਕਾਨਫਰੰਸ ਦੌਰਾਨ ਕਿਹਾ ਕਿ ਪਾਰਟੀ ਨੂੰ ਮੁੜ ਸੁਰਜੀਤ ਕਰਨ ਲਈ ਹਰ ਸੰਭਵ ਯਤਨ ਕੀਤੇ ਜਾਣਗੇ । ਉਨ੍ਹਾਂ ਕਿਹਾ ਕਿ ਪੰਥਕ ਏਕਤਾ ਸਮੇਂ ਦੀ ਮੁੱਖ ਲੋੜ ਹੈ ਅਤੇ ਸਾਰੀਆਂ ਧਿਰਾਂ ਨੂੰ ਇੱਕ ਮੰਚ ਉੱਤੇ ਆਉਣਾ ਚਾਹੀਦਾ ਹੈ । ਆਗੂਆਂ ਨੇ ਕਿਹਾ ਕਿ ਆਉਣ ਵਾਲੀਆਂ ਚੋਣਾਂ ਵਿੱਚ ਪਾਰਟੀ ਪੂਰੀ ਤਾਕਤ ਨਾਲ ਮੈਦਾਨ ਵਿੱਚ ਉਤਰੇਗੀ ।
ਕਿਸਾਨ ਆਗੂਆਂ ਨੇ ਕਿਹਾ ਕਿ ਸੰਘਰਸ਼ ਨੂੰ ਹੋਰ ਤੇਜ਼ ਕੀਤਾ ਜਾਵੇਗਾ । ਉਨ੍ਹਾਂ ਕਿਹਾ ਕਿ ਜਦੋਂ ਤੱਕ ਐਮ.ਐਸ.ਪੀ. ਦੀ ਕਾਨੂੰਨੀ ਗਰੰਟੀ ਨਹੀਂ ਮਿਲਦੀ ਉਦੋਂ ਤੱਕ ਅੰਦੋਲਨ ਜਾਰੀ ਰਹੇਗਾ । ਮਹਾਂਪੰਚਾਇਤ ਵਿੱਚ ਹਰਿਆਣਾ, ਪੰਜਾਬ ਅਤੇ ਰਾਜਸਥਾਨ ਤੋਂ ਵੱਡੀ ਗਿਣਤੀ ਵਿੱਚ ਕਿਸਾਨ ਪਹੁੰਚੇ । ਬੁਲਾਰਿਆਂ ਨੇ ਕੇਂਦਰ ਸਰਕਾਰ ਉੱਤੇ ਕਿਸਾਨ ਵਿਰੋਧੀ ਨੀਤੀਆਂ ਅਪਣਾਉਣ ਦਾ ਦੋਸ਼ ਲਗਾਇਆ । ਉਨ੍ਹਾਂ ਕਿਹਾ ਕਿ 9 ਜਨਵਰੀ ਨੂੰ ਖਨੌਰੀ ਬਾਰਡਰ ਉੱਤੇ ਇਤਿਹਾਸਕ ਇਕੱਠ ਕੀਤਾ ਜਾਵੇਗਾ ।
ਪੰਜਾਬ ਵਿੱਚ ਸੰਘਣੀ ਧੁੰਦ ਅਤੇ...
ਕੜਾਕੇ ਦੀ ਠੰਢ ਕਾਰਨ ਆਮ ਜਨਜੀਵਨ ਪ੍ਰਭਾਵਿਤ ਹੋਇਆ ਹੈ । ਮੌਸਮ ਵਿਭਾਗ ਨੇ ਅਗਲੇ ਕੁਝ ਦਿਨਾਂ ਲਈ ਸੰਘਣੀ ਧੁੰਦ ਦਾ ਅਲਰਟ ਜਾਰੀ ਕੀਤਾ ਹੈ । ਧੁੰਦ ਕਾਰਨ ਸੜਕੀ ਆਵਾਜਾਈ ਪ੍ਰਭਾਵਿਤ ਹੋਈ ਅਤੇ ਕਈ ਰੇਲ ਗੱਡੀਆਂ ਦੇਰੀ ਨਾਲ ਚੱਲੀਆਂ । ਪ੍ਰਸ਼ਾਸਨ ਨੇ ਲੋਕਾਂ ਨੂੰ ਸਾਵਧਾਨੀ ਵਰਤਣ ਦੀ ਅਪੀਲ ਕੀਤੀ ਹੈ ।
ਕਿਸਾਨ ਦੀ ਵੈਨ ਡਵਾਈਡਰ ...
ਨਾਲ ਟਕਰਾ ਗਈ ਜਿਸ ਕਾਰਨ ਹਾਦਸਾ ਵਾਪਰ ਗਿਆ । ਪੁਲਿਸ ਨੇ ਦੱਸਿਆ ਕਿ ਹਾਦਸੇ ਵਿੱਚ ਦੋ ਵਿਅਕਤੀ ਜ਼ਖਮੀ ਹੋ ਗਏ ਜਿਨ੍ਹਾਂ ਨੂੰ ਨੇੜਲੇ ਹਸਪਤਾਲ ਵਿੱਚ ਦਾਖਲ ਕਰਵਾਇਆ ਗਿਆ ਹੈ । ਮੌਕੇ ਉੱਤੇ ਪਹੁੰਚੀ ਪੁਲਿਸ ਨੇ ਮਾਮਲੇ ਦੀ ਜਾਂਚ ਸ਼ੁਰੂ ਕਰ ਦਿੱਤੀ ਹੈ । ਧੁੰਦ ਨੂੰ ਹਾਦਸੇ ਦਾ ਮੁੱਖ ਕਾਰਨ ਮੰਨਿਆ ਜਾ ਰਿਹਾ ਹੈ ।
ਹੱਥਿਆਰਾਂ ਚੌਕ ਕੋਲ ...
ਪੁਲਿਸ ਨੇ ਨਾਕਾਬੰਦੀ ਦੌਰਾਨ ਦੋ ਵਿਅਕਤੀਆਂ ਨੂੰ ਗ੍ਰਿਫ਼ਤਾਰ ਕੀਤਾ ਹੈ । ਉਨ੍ਹਾਂ ਕੋਲੋਂ ਨਾਜਾਇਜ਼ ਹਥਿਆਰ ਬਰਾਮਦ ਹੋਏ ਹਨ । ਪੁਲਿਸ ਅਧਿਕਾਰੀਆਂ ਨੇ ਦੱਸਿਆ ਕਿ ਮੁਲਜ਼ਮਾਂ ਖਿਲਾਫ਼ ਅਸਲਾ ਐਕਟ ਤਹਿਤ ਮਾਮਲਾ ਦਰਜ ਕਰ ਲਿਆ ਗਿਆ ਹੈ ਅਤੇ ਅਗਲੇਰੀ ਜਾਂਚ ਜਾਰੀ ਹੈ ।
ਦਾਸਤੋਏ ਪਿਤਾ ਨੂੰ ਧਾਦ ...
ਦੇ ਮਾਮਲੇ ਵਿੱਚ ਪੁਲਿਸ ਨੇ ਕਾਰਵਾਈ ਕਰਦਿਆਂ ਮੁਲਜ਼ਮ ਨੂੰ ਕਾਬੂ ਕਰ ਲਿਆ ਹੈ । ਜਾਂਚ ਅਧਿਕਾਰੀ ਨੇ ਦੱਸਿਆ ਕਿ ਪਰਿਵਾਰਕ ਝਗੜੇ ਕਾਰਨ ਇਹ ਘਟਨਾ ਵਾਪਰੀ । ਮੁਲਜ਼ਮ ਖਿਲਾਫ਼ ਮਾਮਲਾ ਦਰਜ ਕਰਕੇ ਅਦਾਲਤ ਵਿੱਚ ਪੇਸ਼ ਕੀਤਾ ਗਿਆ ।
'ਸਾਹਿਬ-ਏ-ਕਮਾਲ'...
ਦੇ ਪ੍ਰਕਾਸ਼ ਪੁਰਬ ਮੌਕੇ ਨਗਰ ਕੀਰਤਨ ਸਜਾਏ ਗਏ ਜਿਸ ਵਿੱਚ ਸੰਗਤਾਂ ਨੇ ਸ਼ਰਧਾ ਨਾਲ ਸ਼ਮੂਲੀਅਤ ਕੀਤੀ । ਥਾਂ-ਥਾਂ ਉੱਤੇ ਲੰਗਰ ਲਗਾਏ ਗਏ ਅਤੇ ਗੁਰਬਾਣੀ ਕੀਰਤਨ ਕੀਤਾ ਗਿਆ । ਗੱਤਕਾ ਪਾਰਟੀਆਂ ਨੇ ਜੌਹਰ ਦਿਖਾਏ ।
ਜੇਕਰ ਡੱਲੇਵਾਲ ਦਾ ਸਾਥ ਨਹੀਂ ...
ਦਿੱਤਾ ਗਿਆ ਤਾਂ ਇਤਿਹਾਸ ਮੁਆਫ਼ ਨਹੀਂ ਕਰੇਗਾ । ਆਗੂਆਂ ਨੇ ਕਿਹਾ ਕਿ ਸਮੁੱਚੀਆਂ ਜਥੇਬੰਦੀਆਂ ਨੂੰ ਏਕਤਾ ਦਿਖਾਉਂਦਿਆਂ ਸੰਘਰਸ਼ ਵਿੱਚ ਸ਼ਾਮਲ ਹੋਣਾ ਚਾਹੀਦਾ ਹੈ ।
ਰਾਘਾ ਦੱਤਿਆਂ ਨੇ ਪੰਥ ਤੇਜ਼ ਕੇ ਕਰ. ਮਨਮੋਹਨ ਸਿੰਘ ਨੂੰ ਪੰਥ ਰਤਨ ਦੇਣ ਦੀ ਸ਼੍ਰੋਮਣੀ ਅਕਾਲ ਤਖ਼ਤ ਸਾਹਿਬ ਨੂੰ ਕੀਤੀ ਬੇਨਤੀ
ਅੰਮ੍ਰਿਤਸਰ, 4 ਜਨਵਰੀ (ਵਰਿੰਦਰ ਸਿੰਘ)- ਪੰਜਾਬ ਅਤੇ ਪੰਥ ਦੀਆਂ ਵੱਖ-ਵੱਖ ਜਥੇਬੰਦੀਆਂ ਵੱਲੋਂ ਸਾਬਕਾ ਪ੍ਰਧਾਨ ਮੰਤਰੀ ਡਾ. ਮਨਮੋਹਨ ਸਿੰਘ ਨੂੰ ਮਰਨ ਉਪਰੰਤ 'ਪੰਥ ਰਤਨ' ਦੀ ਉਪਾਧੀ ਦੇਣ ਦੀ ਮੰਗ ਕੀਤੀ ਗਈ ਹੈ ।
ਉਨ੍ਹਾਂ ਕਿਹਾ ਕਿ ਡਾ. ਮਨਮੋਹਨ ਸਿੰਘ ਨੇ ਦੇਸ਼ ਦੀ ਆਰਥਿਕਤਾ ਨੂੰ ਨਵੀਂ ਦਿਸ਼ਾ ਦਿੱਤੀ ਅਤੇ ਸਿੱਖ ਕੌਮ ਦਾ ਮਾਣ ਵਧਾਇਆ । ਉਨ੍ਹਾਂ ਕਿਹਾ ਕਿ ਉਹ ਸਾਦਗੀ ਅਤੇ ਇਮਾਨਦਾਰੀ ਦੀ ਮਿਸਾਲ ਸਨ । ਇਸ ਲਈ ਸ੍ਰੀ ਅਕਾਲ ਤਖ਼ਤ ਸਾਹਿਬ ਨੂੰ ਬੇਨਤੀ ਕੀਤੀ ਗਈ ਹੈ ਕਿ ਉਨ੍ਹਾਂ ਨੂੰ ਪੰਥ ਰਤਨ ਦੀ ਉਪਾਧੀ ਨਾਲ ਸਨਮਾਨਿਆ ਜਾਵੇ । ਆਗੂਆਂ ਨੇ ਕਿਹਾ ਕਿ 1984 ਦੇ ਸਿੱਖ ਕਤਲੇਆਮ ਲਈ ਸੰਸਦ ਵਿੱਚ ਮੁਆਫ਼ੀ ਮੰਗਣ ਵਾਲੇ ਉਹ ਪਹਿਲੇ ਪ੍ਰਧਾਨ ਮੰਤਰੀ ਸਨ । ਉਨ੍ਹਾਂ ਦੇ ਕਾਰਜਕਾਲ ਦੌਰਾਨ ਦੇਸ਼ ਨੇ ਆਰਥਿਕ ਤਰੱਕੀ ਦੀਆਂ ਨਵੀਆਂ ਬੁਲੰਦੀਆਂ ਛੂਹੀਆਂ । ਇਸ ਮੌਕੇ ਵੱਖ-ਵੱਖ ਜਥੇਬੰਦੀਆਂ ਦੇ ਨੁਮਾਇੰਦੇ ਹਾਜ਼ਰ ਸਨ ਜਿਨ੍ਹਾਂ ਨੇ ਇਸ ਮੰਗ ਦੀ ਹਮਾਇਤ ਕੀਤੀ । ਉਨ੍ਹਾਂ ਕਿਹਾ ਕਿ ਡਾ. ਮਨਮੋਹਨ ਸਿੰਘ ਦਾ ਜੀਵਨ ਨੌਜਵਾਨ ਪੀੜ੍ਹੀ ਲਈ ਪ੍ਰੇਰਨਾ ਸਰੋਤ ਹੈ । ਉਨ੍ਹਾਂ ਨੇ ਸਾਧਾਰਨ ਪਰਿਵਾਰ ਵਿੱਚ ਜਨਮ ਲੈ ਕੇ ਸਿੱਖਿਆ ਦੇ ਬਲ ਉੱਤੇ ਦੇਸ਼ ਦੇ ਸਭ ਤੋਂ ਉੱਚੇ ਅਹੁਦੇ ਤੱਕ ਪਹੁੰਚ ਕੀਤੀ ।
Editor, Printer and Publisher Rishabdeep Singh, Printed at: Impression Printing & Packaging (Ltd.) Plot No. 22 Phase-2 Industrial Area Panchkula (Haryana) 134109 & Published From 3223, First Floor, Sector-35D, Chandigarh
